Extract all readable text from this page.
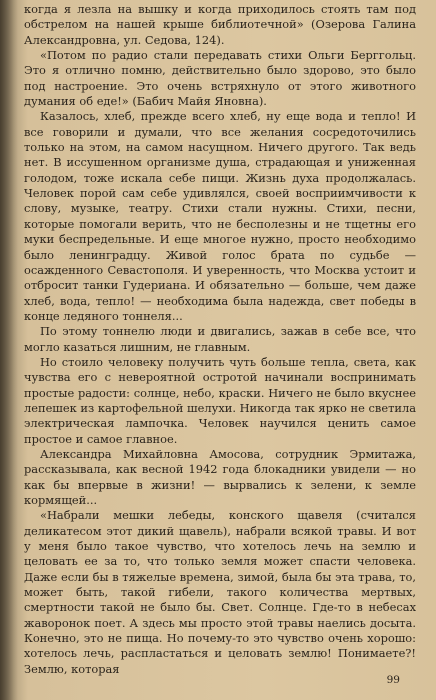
когда я лезла на вышку и когда приходилось стоять там под обстрелом на нашей крыше библиотечной» (Озерова Галина Александровна, ул. Седова, 124).

«Потом по радио стали передавать стихи Ольги Берггольц. Это я отлично помню, действительно было здорово, это было под настроение. Это очень встряхнуло от этого животного думания об еде!» (Бабич Майя Яновна).

Казалось, хлеб, прежде всего хлеб, ну еще вода и тепло! И все говорили и думали, что все желания сосредоточились только на этом, на самом насущном. Ничего другого. Так ведь нет. В иссушенном организме душа, страдающая и униженная голодом, тоже искала себе пищи. Жизнь духа продолжалась. Человек порой сам себе удивлялся, своей восприимчивости к слову, музыке, театру. Стихи стали нужны. Стихи, песни, которые помогали верить, что не бесполезны и не тщетны его муки беспредельные. И еще многое нужно, просто необходимо было ленинградцу. Живой голос брата по судьбе — осажденного Севастополя. И уверенность, что Москва устоит и отбросит танки Гудериана. И обязательно — больше, чем даже хлеб, вода, тепло! — необходима была надежда, свет победы в конце ледяного тоннеля...

По этому тоннелю люди и двигались, зажав в себе все, что могло казаться лишним, не главным.

Но стоило человеку получить чуть больше тепла, света, как чувства его с невероятной остротой начинали воспринимать простые радости: солнце, небо, краски. Ничего не было вкуснее лепешек из картофельной шелухи. Никогда так ярко не светила электрическая лампочка. Человек научился ценить самое простое и самое главное.

Александра Михайловна Амосова, сотрудник Эрмитажа, рассказывала, как весной 1942 года блокадники увидели — но как бы впервые в жизни! — вырвались к зелени, к земле кормящей...

«Набрали мешки лебеды, конского щавеля (считался деликатесом этот дикий щавель), набрали всякой травы. И вот у меня было такое чувство, что хотелось лечь на землю и целовать ее за то, что только земля может спасти человека. Даже если бы в тяжелые времена, зимой, была бы эта трава, то, может быть, такой гибели, такого количества мертвых, смертности такой не было бы. Свет. Солнце. Где-то в небесах жаворонок поет. А здесь мы просто этой травы наелись досыта. Конечно, это не пища. Но почему-то это чувство очень хорошо: хотелось лечь, распластаться и целовать землю! Понимаете?! Землю, которая

99
